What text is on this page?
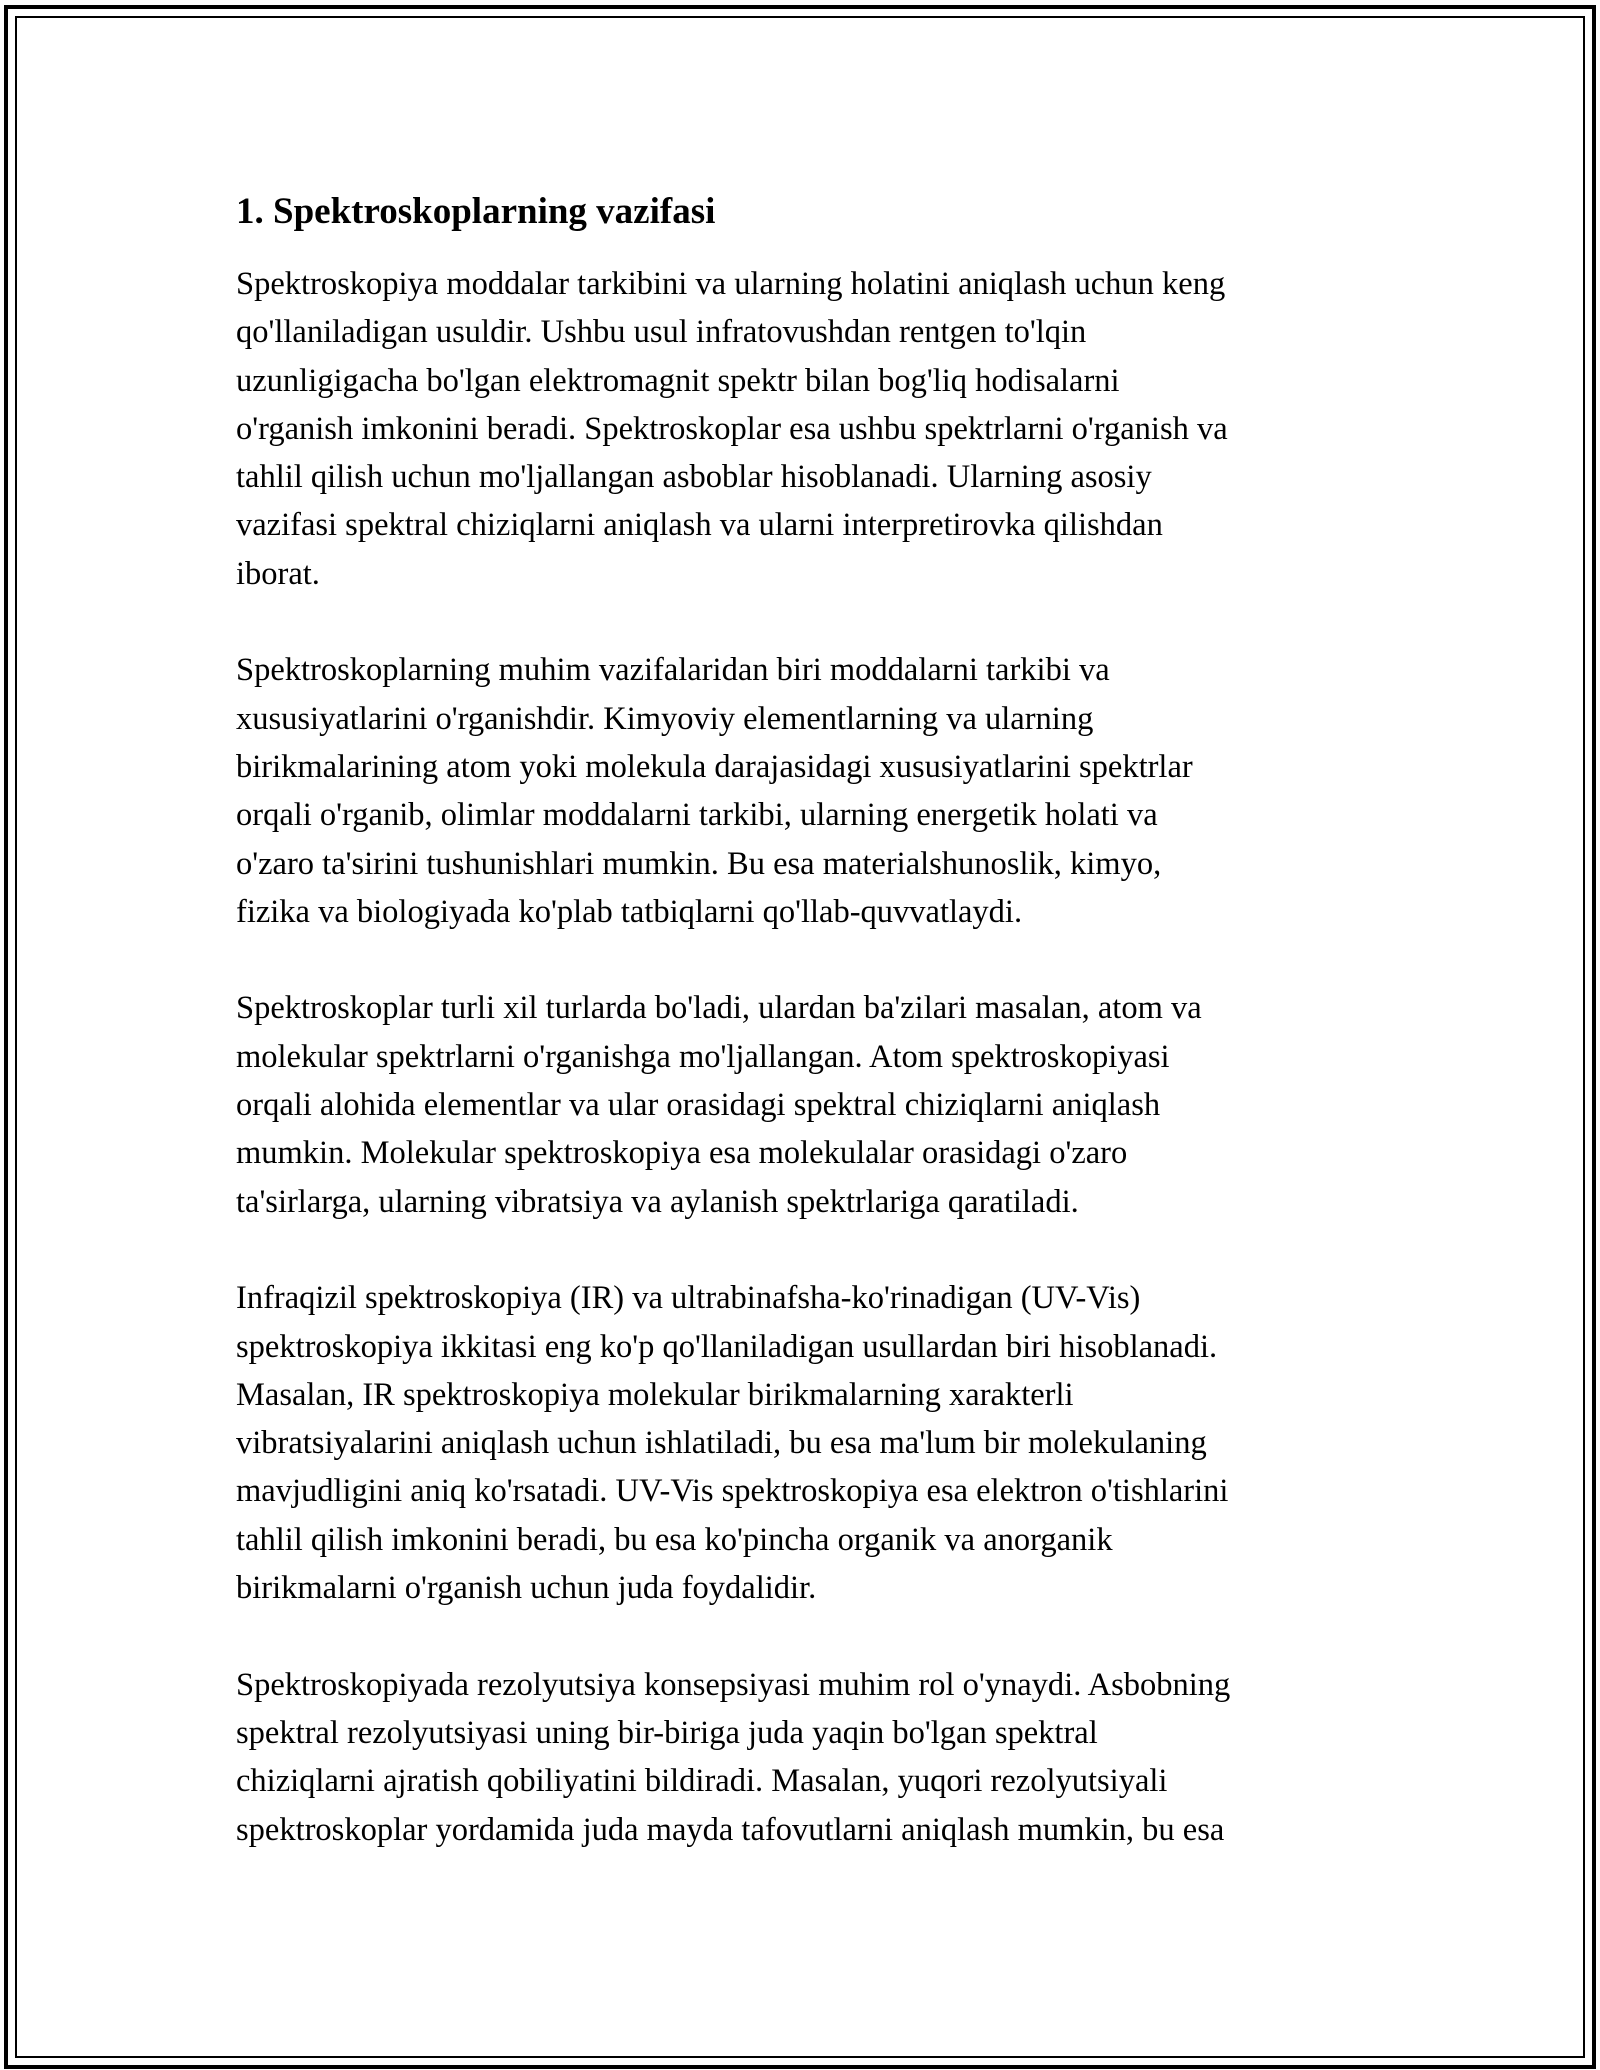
1. Spektroskoplarning vazifasi
Spektroskopiya moddalar tarkibini va ularning holatini aniqlash uchun keng
qo'llaniladigan usuldir. Ushbu usul infratovushdan rentgen to'lqin
uzunligigacha bo'lgan elektromagnit spektr bilan bog'liq hodisalarni
o'rganish imkonini beradi. Spektroskoplar esa ushbu spektrlarni o'rganish va
tahlil qilish uchun mo'ljallangan asboblar hisoblanadi. Ularning asosiy
vazifasi spektral chiziqlarni aniqlash va ularni interpretirovka qilishdan
iborat.
Spektroskoplarning muhim vazifalaridan biri moddalarni tarkibi va
xususiyatlarini o'rganishdir. Kimyoviy elementlarning va ularning
birikmalarining atom yoki molekula darajasidagi xususiyatlarini spektrlar
orqali o'rganib, olimlar moddalarni tarkibi, ularning energetik holati va
o'zaro ta'sirini tushunishlari mumkin. Bu esa materialshunoslik, kimyo,
fizika va biologiyada ko'plab tatbiqlarni qo'llab-quvvatlaydi.
Spektroskoplar turli xil turlarda bo'ladi, ulardan ba'zilari masalan, atom va
molekular spektrlarni o'rganishga mo'ljallangan. Atom spektroskopiyasi
orqali alohida elementlar va ular orasidagi spektral chiziqlarni aniqlash
mumkin. Molekular spektroskopiya esa molekulalar orasidagi o'zaro
ta'sirlarga, ularning vibratsiya va aylanish spektrlariga qaratiladi.
Infraqizil spektroskopiya (IR) va ultrabinafsha-ko'rinadigan (UV-Vis)
spektroskopiya ikkitasi eng ko'p qo'llaniladigan usullardan biri hisoblanadi.
Masalan, IR spektroskopiya molekular birikmalarning xarakterli
vibratsiyalarini aniqlash uchun ishlatiladi, bu esa ma'lum bir molekulaning
mavjudligini aniq ko'rsatadi. UV-Vis spektroskopiya esa elektron o'tishlarini
tahlil qilish imkonini beradi, bu esa ko'pincha organik va anorganik
birikmalarni o'rganish uchun juda foydalidir.
Spektroskopiyada rezolyutsiya konsepsiyasi muhim rol o'ynaydi. Asbobning
spektral rezolyutsiyasi uning bir-biriga juda yaqin bo'lgan spektral
chiziqlarni ajratish qobiliyatini bildiradi. Masalan, yuqori rezolyutsiyali
spektroskoplar yordamida juda mayda tafovutlarni aniqlash mumkin, bu esa
